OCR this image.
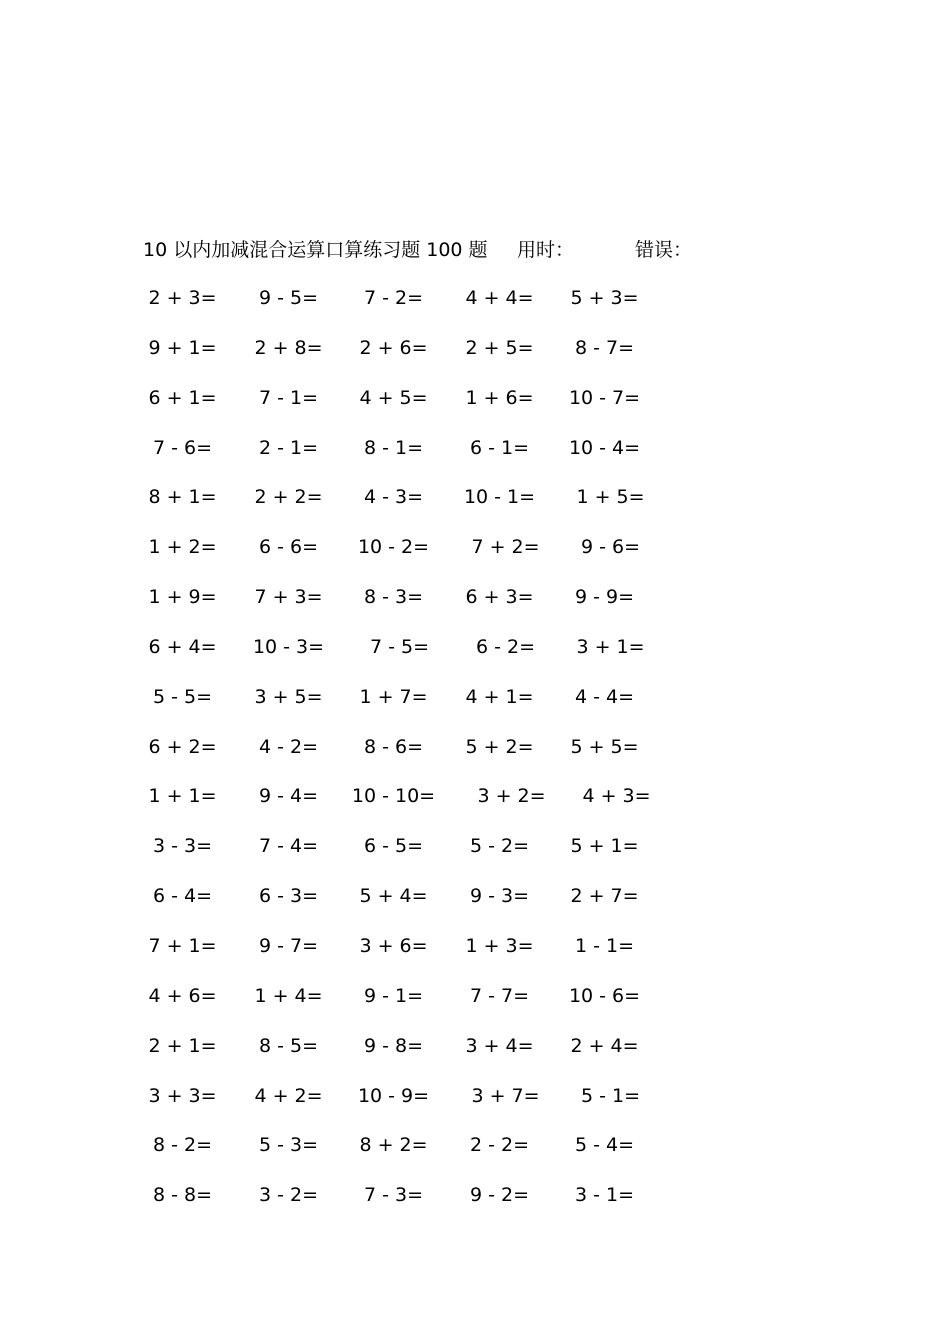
10 以内加减混合运算口算练习题 100 题 用时：	错误：
2 + 3=	9 - 5=	7 - 2=	4 + 4=	5 + 3=
9 + 1=	2 + 8=	2 + 6=	2 + 5=	8 - 7=
6 + 1=	7 - 1=	4 + 5=	1 + 6=	10 - 7=
7 - 6=	2 - 1=	8 - 1=	6 - 1=	10 - 4=
8 + 1=	2 + 2=	4 - 3=	10 - 1=	1 + 5=
1 + 2=	6 - 6=	10 - 2=	7 + 2=	9 - 6=
1 + 9=	7 + 3=	8 - 3=	6 + 3=	9 - 9=
6 + 4=	10 - 3=	7 - 5=	6 - 2=	3 + 1=
5 - 5=	3 + 5=	1 + 7=	4 + 1=	4 - 4=
6 + 2=	4 - 2=	8 - 6=	5 + 2=	5 + 5=
1 + 1=	9 - 4=	10 - 10=	3 + 2=	4 + 3=
3 - 3=	7 - 4=	6 - 5=	5 - 2=	5 + 1=
6 - 4=	6 - 3=	5 + 4=	9 - 3=	2 + 7=
7 + 1=	9 - 7=	3 + 6=	1 + 3=	1 - 1=
4 + 6=	1 + 4=	9 - 1=	7 - 7=	10 - 6=
2 + 1=	8 - 5=	9 - 8=	3 + 4=	2 + 4=
3 + 3=	4 + 2=	10 - 9=	3 + 7=	5 - 1=
8 - 2=	5 - 3=	8 + 2=	2 - 2=	5 - 4=
8 - 8=	3 - 2=	7 - 3=	9 - 2=	3 - 1=
